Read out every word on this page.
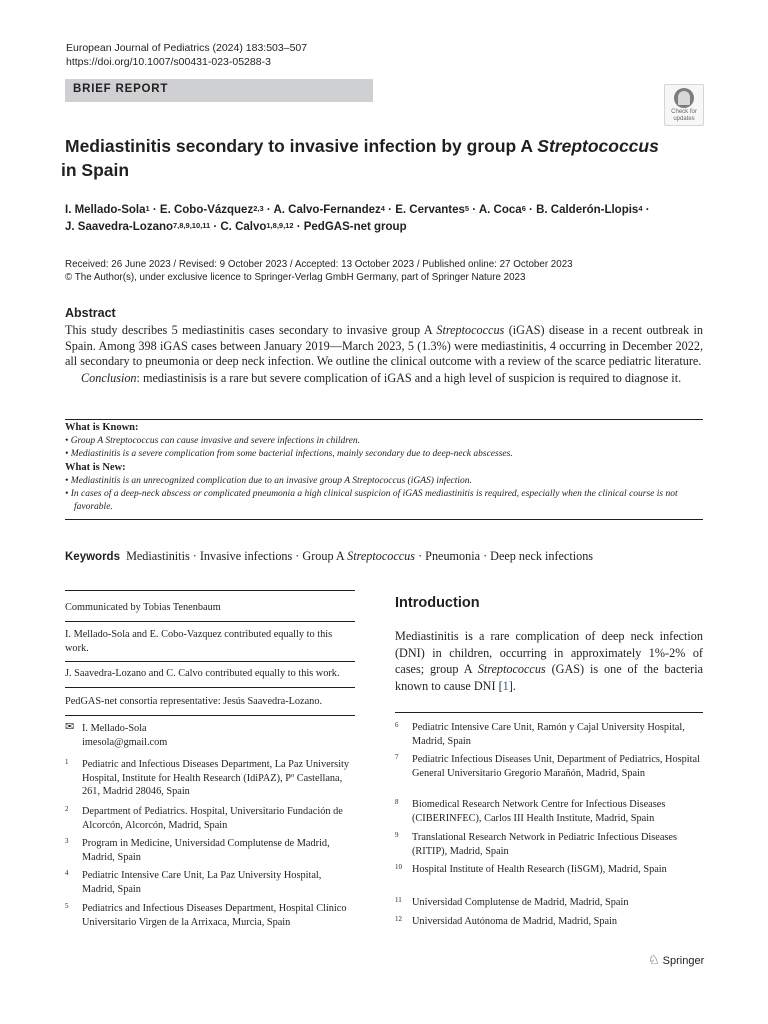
European Journal of Pediatrics (2024) 183:503–507
https://doi.org/10.1007/s00431-023-05288-3
BRIEF REPORT
Check for
updates
Mediastinitis secondary to invasive infection by group A Streptococcus
in Spain
I. Mellado-Sola$^1$ · E. Cobo-Vázquez$^{2,3}$ · A. Calvo-Fernandez$^4$ · E. Cervantes$^5$ · A. Coca$^6$ · B. Calderón-Llopis$^4$ ·
J. Saavedra-Lozano$^{7,8,9,10,11}$ · C. Calvo$^{1,8,9,12}$ · PedGAS-net group
Received: 26 June 2023 / Revised: 9 October 2023 / Accepted: 13 October 2023 / Published online: 27 October 2023
© The Author(s), under exclusive licence to Springer-Verlag GmbH Germany, part of Springer Nature 2023
Abstract

This study describes 5 mediastinitis cases secondary to invasive group A Streptococcus (iGAS) disease in a recent outbreak in Spain. Among 398 iGAS cases between January 2019—March 2023, 5 (1.3%) were mediastinitis, 4 occurring in December 2022, all secondary to pneumonia or deep neck infection. We outline the clinical outcome with a review of the scarce pediatric literature.

Conclusion: mediastinisis is a rare but severe complication of iGAS and a high level of suspicion is required to diagnose it.

What is Known:
• Group A Streptococcus can cause invasive and severe infections in children.
• Mediastinitis is a severe complication from some bacterial infections, mainly secondary due to deep-neck abscesses.
What is New:
• Mediastinitis is an unrecognized complication due to an invasive group A Streptococcus (iGAS) infection.
• In cases of a deep-neck abscess or complicated pneumonia a high clinical suspicion of iGAS mediastinitis is required, especially when the clinical course is not favorable.
Keywords Mediastinitis · Invasive infections · Group A Streptococcus · Pneumonia · Deep neck infections
Communicated by Tobias Tenenbaum
I. Mellado-Sola and E. Cobo-Vazquez contributed equally to this work.
J. Saavedra-Lozano and C. Calvo contributed equally to this work.
PedGAS-net consortia representative: Jesús Saavedra-Lozano.
✉ I. Mellado-Sola
imesola@gmail.com
1 Pediatric and Infectious Diseases Department, La Paz University Hospital, Institute for Health Research (IdiPAZ), Pº Castellana, 261, Madrid 28046, Spain
2 Department of Pediatrics. Hospital, Universitario Fundación de Alcorcón, Alcorcón, Madrid, Spain
3 Program in Medicine, Universidad Complutense de Madrid, Madrid, Spain
4 Pediatric Intensive Care Unit, La Paz University Hospital, Madrid, Spain
5 Pediatrics and Infectious Diseases Department, Hospital Clínico Universitario Virgen de la Arrixaca, Murcia, Spain
Introduction
Mediastinitis is a rare complication of deep neck infection (DNI) in children, occurring in approximately 1%-2% of cases; group A Streptococcus (GAS) is one of the bacteria known to cause DNI [1].
6 Pediatric Intensive Care Unit, Ramón y Cajal University Hospital, Madrid, Spain
7 Pediatric Infectious Diseases Unit, Department of Pediatrics, Hospital General Universitario Gregorio Marañón, Madrid, Spain
8 Biomedical Research Network Centre for Infectious Diseases (CIBERINFEC), Carlos III Health Institute, Madrid, Spain
9 Translational Research Network in Pediatric Infectious Diseases (RITIP), Madrid, Spain
10 Hospital Institute of Health Research (IiSGM), Madrid, Spain
11 Universidad Complutense de Madrid, Madrid, Spain
12 Universidad Autónoma de Madrid, Madrid, Spain
♘ Springer
